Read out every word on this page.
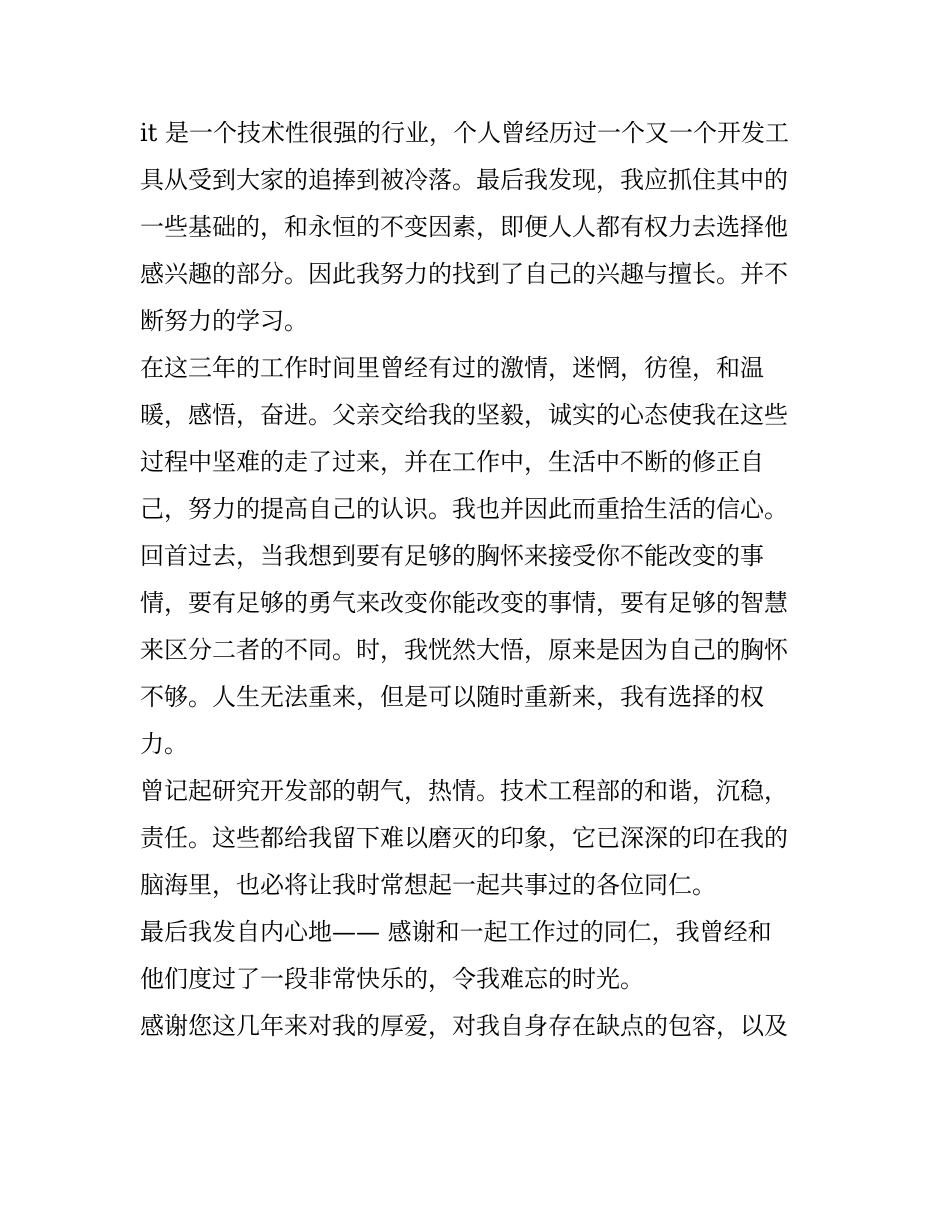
it 是一个技术性很强的行业，个人曾经历过一个又一个开发工
具从受到大家的追捧到被冷落。最后我发现，我应抓住其中的
一些基础的，和永恒的不变因素，即便人人都有权力去选择他
感兴趣的部分。因此我努力的找到了自己的兴趣与擅长。并不
断努力的学习。
在这三年的工作时间里曾经有过的激情，迷惘，彷徨，和温
暖，感悟，奋进。父亲交给我的坚毅，诚实的心态使我在这些
过程中坚难的走了过来，并在工作中，生活中不断的修正自
己，努力的提高自己的认识。我也并因此而重拾生活的信心。
回首过去，当我想到要有足够的胸怀来接受你不能改变的事
情，要有足够的勇气来改变你能改变的事情，要有足够的智慧
来区分二者的不同。时，我恍然大悟，原来是因为自己的胸怀
不够。人生无法重来，但是可以随时重新来，我有选择的权
力。
曾记起研究开发部的朝气，热情。技术工程部的和谐，沉稳，
责任。这些都给我留下难以磨灭的印象，它已深深的印在我的
脑海里，也必将让我时常想起一起共事过的各位同仁。
最后我发自内心地—— 感谢和一起工作过的同仁，我曾经和
他们度过了一段非常快乐的，令我难忘的时光。
感谢您这几年来对我的厚爱，对我自身存在缺点的包容，以及
